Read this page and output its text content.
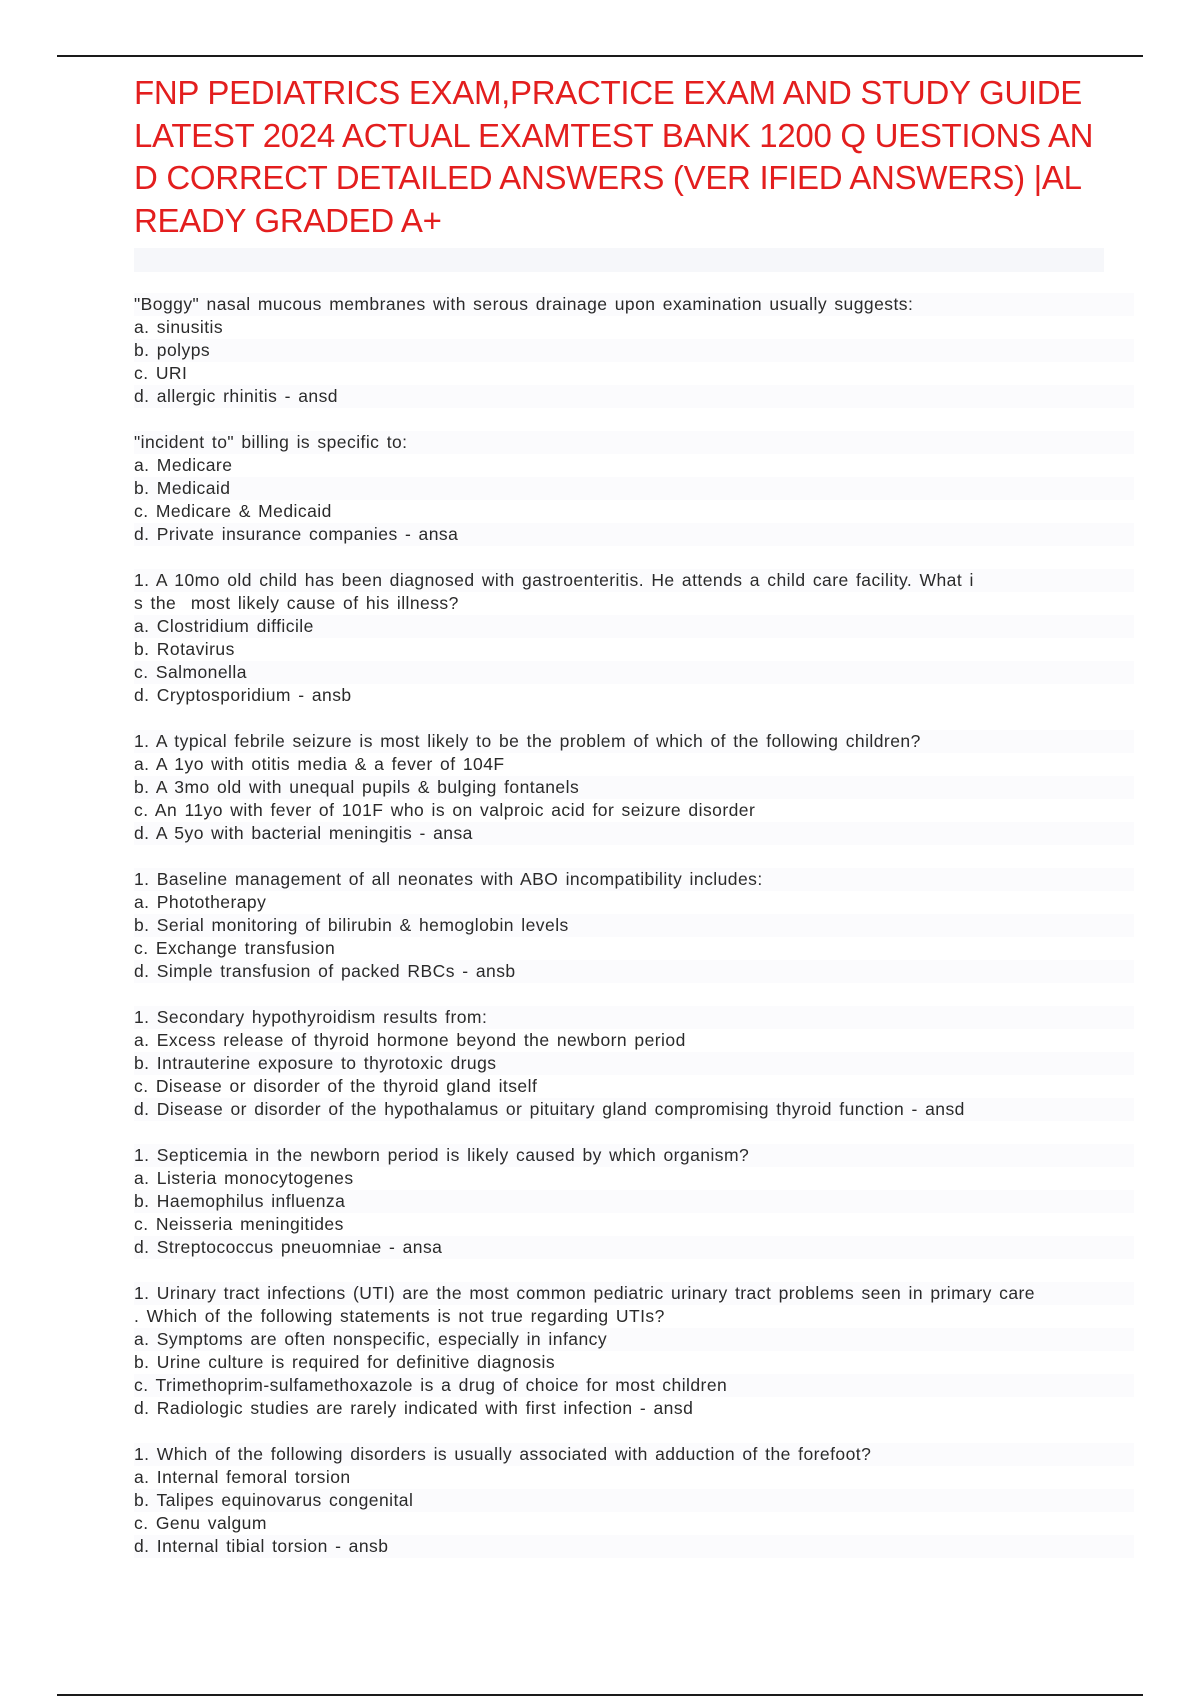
FNP PEDIATRICS EXAM,PRACTICE EXAM AND STUDY GUIDE LATEST 2024 ACTUAL EXAMTEST BANK 1200 Q UESTIONS AND CORRECT DETAILED ANSWERS (VER IFIED ANSWERS) |ALREADY GRADED A+
"Boggy" nasal mucous membranes with serous drainage upon examination usually suggests:
a. sinusitis
b. polyps
c. URI
d. allergic rhinitis - ansd
"incident to" billing is specific to:
a. Medicare
b. Medicaid
c. Medicare & Medicaid
d. Private insurance companies - ansa
1. A 10mo old child has been diagnosed with gastroenteritis. He attends a child care facility. What i
s the  most likely cause of his illness?
a. Clostridium difficile
b. Rotavirus
c. Salmonella
d. Cryptosporidium - ansb
1. A typical febrile seizure is most likely to be the problem of which of the following children?
a. A 1yo with otitis media & a fever of 104F
b. A 3mo old with unequal pupils & bulging fontanels
c. An 11yo with fever of 101F who is on valproic acid for seizure disorder
d. A 5yo with bacterial meningitis - ansa
1. Baseline management of all neonates with ABO incompatibility includes:
a. Phototherapy
b. Serial monitoring of bilirubin & hemoglobin levels
c. Exchange transfusion
d. Simple transfusion of packed RBCs - ansb
1. Secondary hypothyroidism results from:
a. Excess release of thyroid hormone beyond the newborn period
b. Intrauterine exposure to thyrotoxic drugs
c. Disease or disorder of the thyroid gland itself
d. Disease or disorder of the hypothalamus or pituitary gland compromising thyroid function - ansd
1. Septicemia in the newborn period is likely caused by which organism?
a. Listeria monocytogenes
b. Haemophilus influenza
c. Neisseria meningitides
d. Streptococcus pneuomniae - ansa
1. Urinary tract infections (UTI) are the most common pediatric urinary tract problems seen in primary care
. Which of the following statements is not true regarding UTIs?
a. Symptoms are often nonspecific, especially in infancy
b. Urine culture is required for definitive diagnosis
c. Trimethoprim-sulfamethoxazole is a drug of choice for most children
d. Radiologic studies are rarely indicated with first infection - ansd
1. Which of the following disorders is usually associated with adduction of the forefoot?
a. Internal femoral torsion
b. Talipes equinovarus congenital
c. Genu valgum
d. Internal tibial torsion - ansb
